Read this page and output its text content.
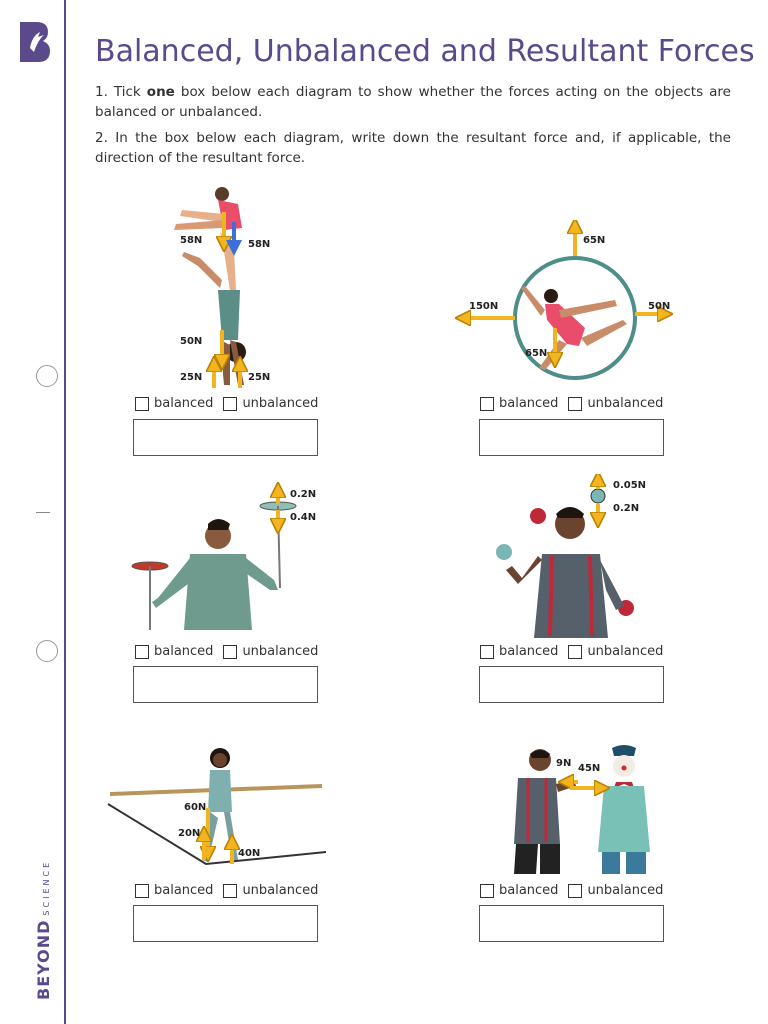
BEYONDSCIENCE
Balanced, Unbalanced and Resultant Forces
1. Tick one box below each diagram to show whether the forces acting on the objects are balanced or unbalanced.
2. In the box below each diagram, write down the resultant force and, if applicable, the direction of the resultant force.
58N	58N
50N
25N	25N
65N
150N	50N
65N
0.2N
0.4N
0.05N
0.2N
60N
20N
40N
9N 45N
balanced unbalanced	balanced unbalanced
balanced unbalanced	balanced unbalanced
balanced unbalanced	balanced unbalanced
